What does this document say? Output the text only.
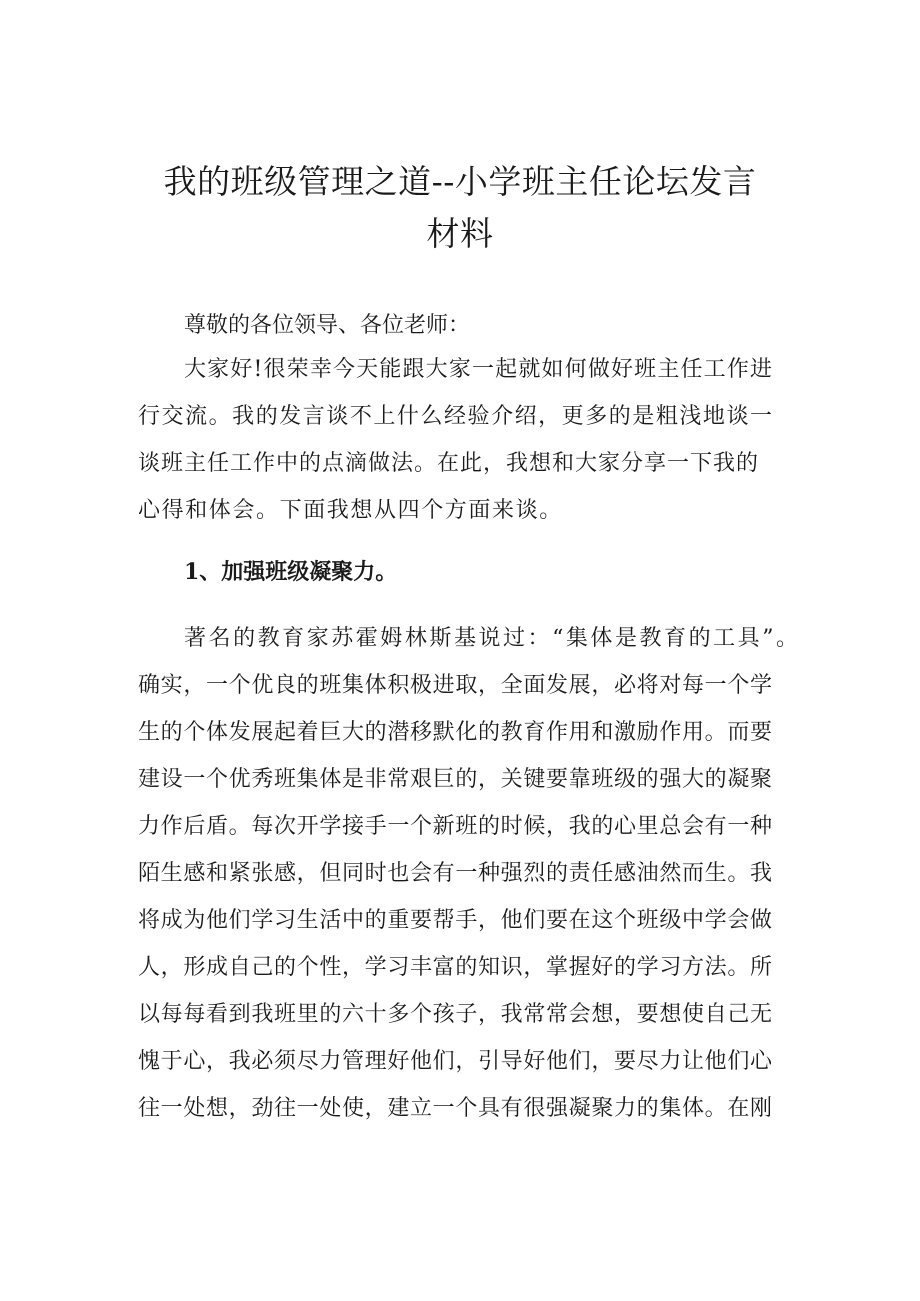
我的班级管理之道--小学班主任论坛发言
材料
尊敬的各位领导、各位老师：
大家好!很荣幸今天能跟大家一起就如何做好班主任工作进
行交流。我的发言谈不上什么经验介绍，更多的是粗浅地谈一
谈班主任工作中的点滴做法。在此，我想和大家分享一下我的
心得和体会。下面我想从四个方面来谈。
1、加强班级凝聚力。
著名的教育家苏霍姆林斯基说过：“集体是教育的工具”。
确实，一个优良的班集体积极进取，全面发展，必将对每一个学
生的个体发展起着巨大的潜移默化的教育作用和激励作用。而要
建设一个优秀班集体是非常艰巨的，关键要靠班级的强大的凝聚
力作后盾。每次开学接手一个新班的时候，我的心里总会有一种
陌生感和紧张感，但同时也会有一种强烈的责任感油然而生。我
将成为他们学习生活中的重要帮手，他们要在这个班级中学会做
人，形成自己的个性，学习丰富的知识，掌握好的学习方法。所
以每每看到我班里的六十多个孩子，我常常会想，要想使自己无
愧于心，我必须尽力管理好他们，引导好他们，要尽力让他们心
往一处想，劲往一处使，建立一个具有很强凝聚力的集体。在刚
